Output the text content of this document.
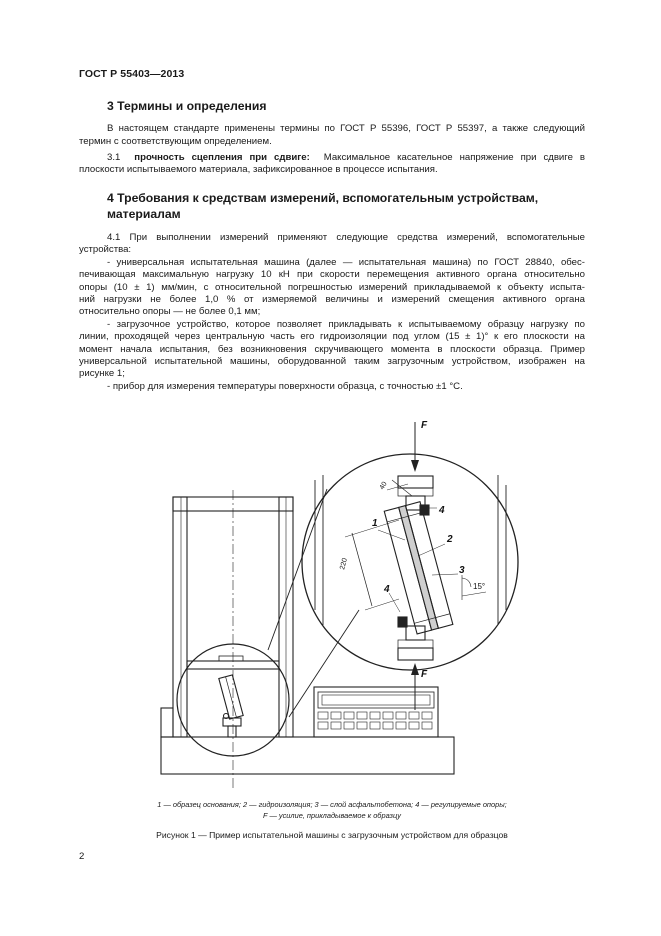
ГОСТ Р 55403—2013
3 Термины и определения
В настоящем стандарте применены термины по ГОСТ Р 55396, ГОСТ Р 55397, а также следующий
термин с соответствующим определением.
3.1 прочность сцепления при сдвиге: Максимальное касательное напряжение при сдвиге в
плоскости испытываемого материала, зафиксированное в процессе испытания.
4 Требования к средствам измерений, вспомогательным устройствам,
материалам
4.1 При выполнении измерений применяют следующие средства измерений, вспомогательные
устройства:
- универсальная испытательная машина (далее — испытательная машина) по ГОСТ 28840, обес-
печивающая максимальную нагрузку 10 кН при скорости перемещения активного органа относительно
опоры (10 ± 1) мм/мин, с относительной погрешностью измерений прикладываемой к объекту испыта-
ний нагрузки не более 1,0 % от измеряемой величины и измерений смещения активного органа
относительно опоры — не более 0,1 мм;
- загрузочное устройство, которое позволяет прикладывать к испытываемому образцу нагрузку по
линии, проходящей через центральную часть его гидроизоляции под углом (15 ± 1)° к его плоскости на
момент начала испытания, без возникновения скручивающего момента в плоскости образца. Пример
универсальной испытательной машины, оборудованной таким загрузочным устройством, изображен на
рисунке 1;
- прибор для измерения температуры поверхности образца, с точностью ±1 °C.
F
F
40
220
15°
1
2
3
4
4
1 — образец основания; 2 — гидроизоляция; 3 — слой асфальтобетона; 4 — регулируемые опоры;
F — усилие, прикладываемое к образцу
Рисунок 1 — Пример испытательной машины с загрузочным устройством для образцов
2
